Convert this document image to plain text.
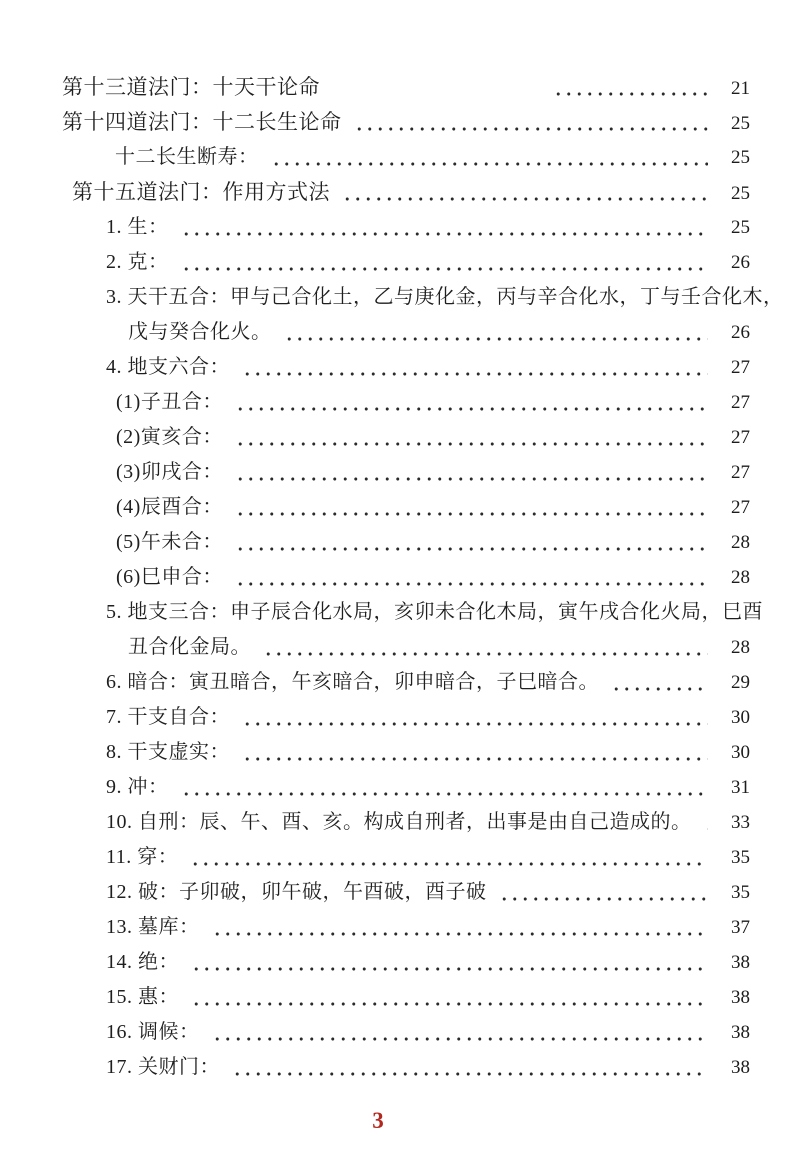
第十三道法门：十天干论命	21
第十四道法门：十二长生论命	25
十二长生断寿：	25
第十五道法门：作用方式法	25
1. 生：	25
2. 克：	26
3. 天干五合：甲与己合化土，乙与庚化金，丙与辛合化水，丁与壬合化木，
戊与癸合化火。	26
4. 地支六合：	27
(1)子丑合：	27
(2)寅亥合：	27
(3)卯戌合：	27
(4)辰酉合：	27
(5)午未合：	28
(6)巳申合：	28
5. 地支三合：申子辰合化水局，亥卯未合化木局，寅午戌合化火局，巳酉
丑合化金局。	28
6. 暗合：寅丑暗合，午亥暗合，卯申暗合，子巳暗合。	29
7. 干支自合：	30
8. 干支虚实：	30
9. 冲：	31
10. 自刑：辰、午、酉、亥。构成自刑者，出事是由自己造成的。	33
11. 穿：	35
12. 破：子卯破，卯午破，午酉破，酉子破	35
13. 墓库：	37
14. 绝：	38
15. 惠：	38
16. 调候：	38
17. 关财门：	38
3
